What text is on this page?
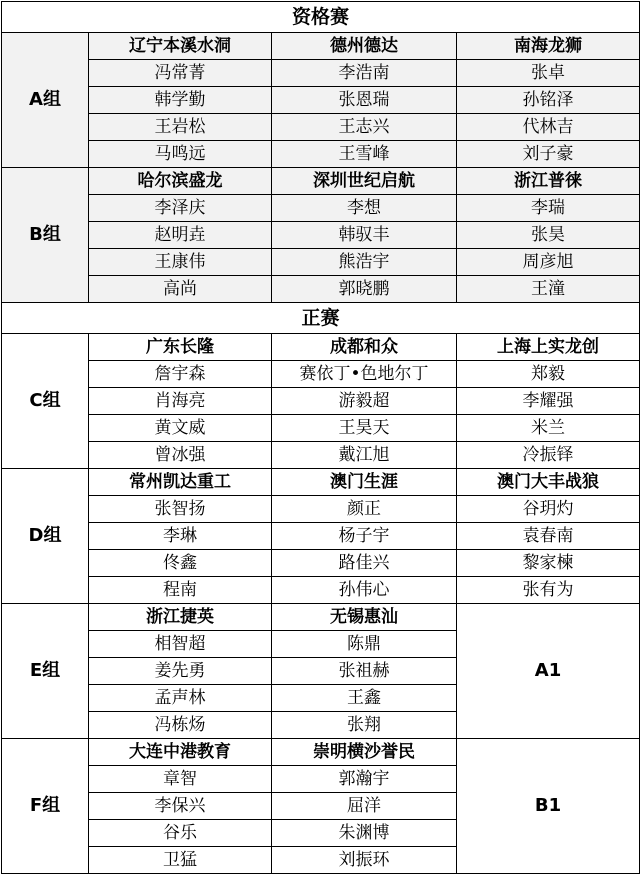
资格赛			
A组	辽宁本溪水洞	德州德达	南海龙狮
	冯常菁	李浩南	张卓
	韩学勤	张恩瑞	孙铭泽
	王岩松	王志兴	代林吉
	马鸣远	王雪峰	刘子豪
B组	哈尔滨盛龙	深圳世纪启航	浙江普徕
	李泽庆	李想	李瑞
	赵明垚	韩驭丰	张昊
	王康伟	熊浩宇	周彦旭
	高尚	郭晓鹏	王潼
正赛			
C组	广东长隆	成都和众	上海上实龙创
	詹宇森	赛依丁•色地尔丁	郑毅
	肖海亮	游毅超	李耀强
	黄文威	王昊天	米兰
	曾冰强	戴江旭	冷振铎
D组	常州凯达重工	澳门生涯	澳门大丰战狼
	张智扬	颜正	谷玥灼
	李琳	杨子宇	袁春南
	佟鑫	路佳兴	黎家楝
	程南	孙伟心	张有为
E组	浙江捷英	无锡惠汕	A1
	相智超	陈鼎	
	姜先勇	张祖赫	
	孟声林	王鑫	
	冯栋炀	张翔	
F组	大连中港教育	崇明横沙誉民	B1
	章智	郭瀚宇	
	李保兴	屈洋	
	谷乐	朱渊博	
	卫猛	刘振环	
